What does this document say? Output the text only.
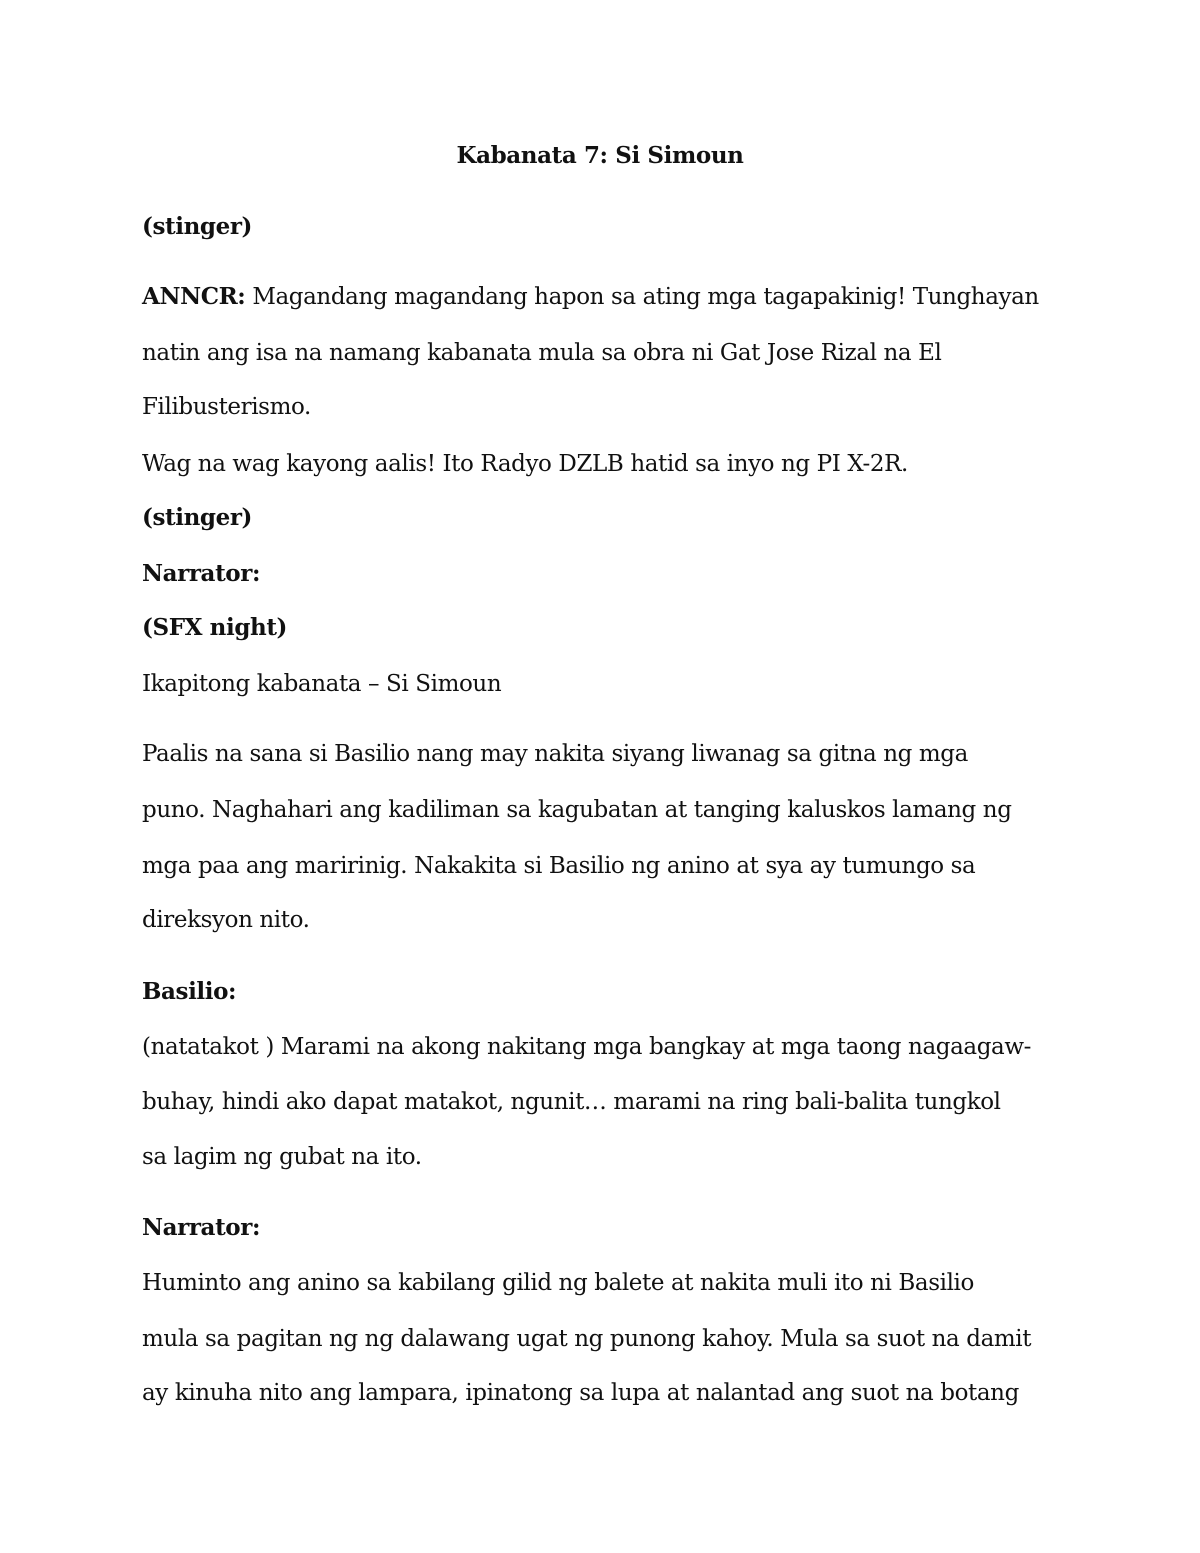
Kabanata 7: Si Simoun
(stinger)
ANNCR: Magandang magandang hapon sa ating mga tagapakinig! Tunghayan
natin ang isa na namang kabanata mula sa obra ni Gat Jose Rizal na El
Filibusterismo.
Wag na wag kayong aalis! Ito Radyo DZLB hatid sa inyo ng PI X-2R.
(stinger)
Narrator:
(SFX night)
Ikapitong kabanata – Si Simoun
Paalis na sana si Basilio nang may nakita siyang liwanag sa gitna ng mga
puno. Naghahari ang kadiliman sa kagubatan at tanging kaluskos lamang ng
mga paa ang maririnig. Nakakita si Basilio ng anino at sya ay tumungo sa
direksyon nito.
Basilio:
(natatakot ) Marami na akong nakitang mga bangkay at mga taong nagaagaw-
buhay, hindi ako dapat matakot, ngunit… marami na ring bali-balita tungkol
sa lagim ng gubat na ito.
Narrator:
Huminto ang anino sa kabilang gilid ng balete at nakita muli ito ni Basilio
mula sa pagitan ng ng dalawang ugat ng punong kahoy. Mula sa suot na damit
ay kinuha nito ang lampara, ipinatong sa lupa at nalantad ang suot na botang
